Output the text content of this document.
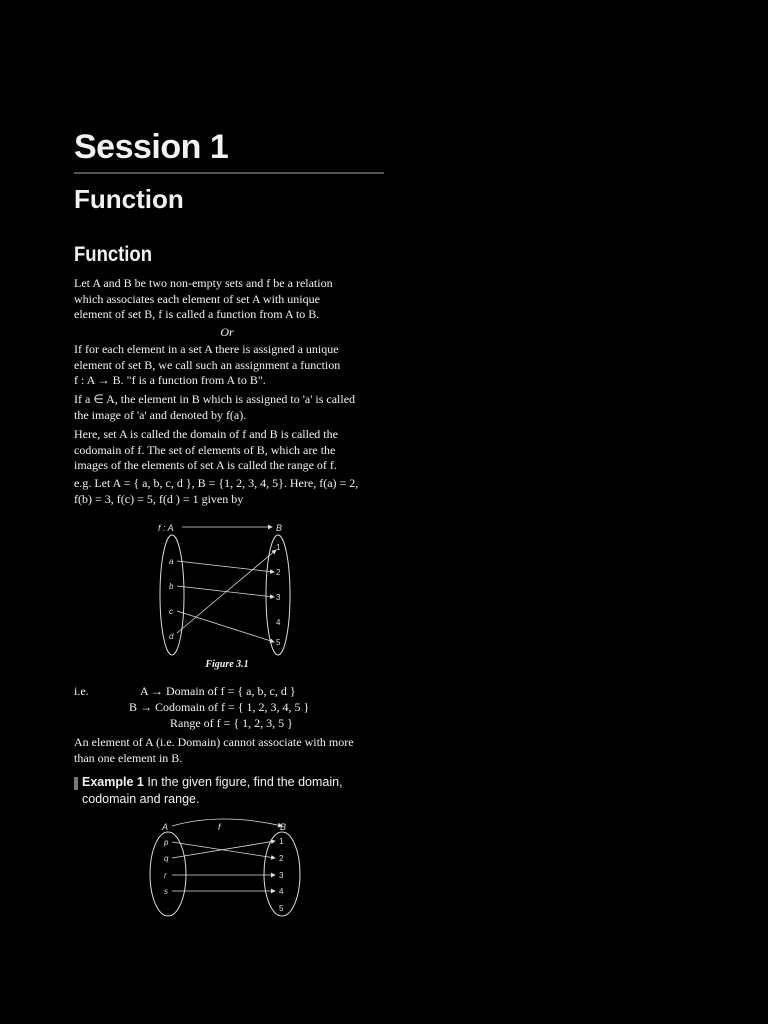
Session 1
Function
Function
Let A and B be two non-empty sets and f be a relation
which associates each element of set A with unique
element of set B, f is called a function from A to B.
Or
If for each element in a set A there is assigned a unique
element of set B, we call such an assignment a function
f : A → B. "f is a function from A to B".
If a ∈ A, the element in B which is assigned to 'a' is called
the image of 'a' and denoted by f(a).
Here, set A is called the domain of f and B is called the
codomain of f. The set of elements of B, which are the
images of the elements of set A is called the range of f.
e.g. Let A = { a, b, c, d }, B = {1, 2, 3, 4, 5}. Here, f(a) = 2,
f(b) = 3, f(c) = 5, f(d ) = 1 given by
f : A	B
a
b
c
d
1
2
3
4
5
Figure 3.1
i.e.	A → Domain of f = { a, b, c, d }
B → Codomain of f = { 1, 2, 3, 4, 5 }
Range of f = { 1, 2, 3, 5 }
An element of A (i.e. Domain) cannot associate with more
than one element in B.
Example 1 In the given figure, find the domain,
codomain and range.
A	f	B
p
q
r
s
1
2
3
4
5
